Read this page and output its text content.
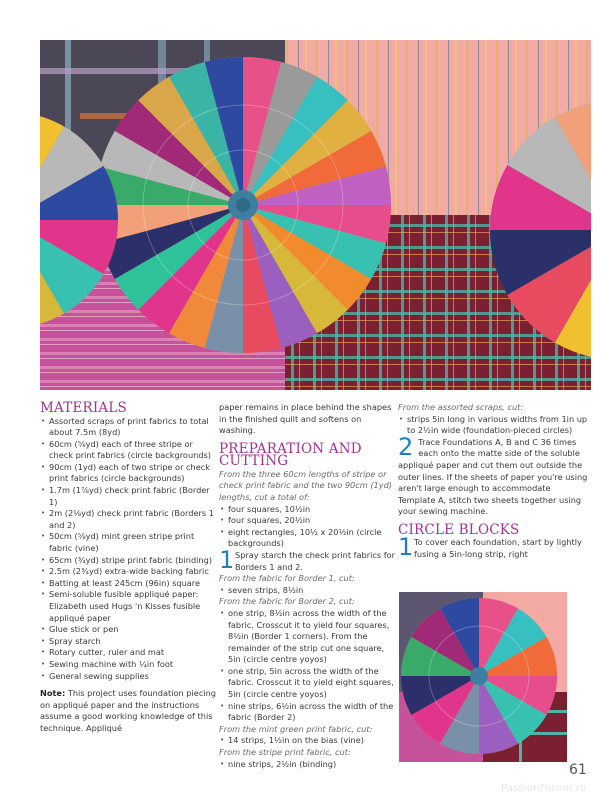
MATERIALS
• Assorted scraps of print fabrics to total about 7.5m (8yd)
• 60cm (⅝yd) each of three stripe or check print fabrics (circle backgrounds)
• 90cm (1yd) each of two stripe or check print fabrics (circle backgrounds)
• 1.7m (1⅞yd) check print fabric (Border 1)
• 2m (2⅛yd) check print fabric (Borders 1 and 2)
• 50cm (⅝yd) mint green stripe print fabric (vine)
• 65cm (¾yd) stripe print fabric (binding)
• 2.5m (2¾yd) extra-wide backing fabric
• Batting at least 245cm (96in) square
• Semi-soluble fusible appliqué paper: Elizabeth used Hugs 'n Kisses fusible appliqué paper
• Glue stick or pen
• Spray starch
• Rotary cutter, ruler and mat
• Sewing machine with ¼in foot
• General sewing supplies

Note: This project uses foundation piecing on appliqué paper and the instructions assume a good working knowledge of this technique. Appliqué

paper remains in place behind the shapes in the finished quilt and softens on washing.

PREPARATION AND
CUTTING
From the three 60cm lengths of stripe or check print fabric and the two 90cm (1yd) lengths, cut a total of:
• four squares, 10½in
• four squares, 20½in
• eight rectangles, 10½ x 20½in (circle backgrounds)
1 Spray starch the check print fabrics for Borders 1 and 2.
From the fabric for Border 1, cut:
• seven strips, 8½in
From the fabric for Border 2, cut:
• one strip, 8½in across the width of the fabric. Crosscut it to yield four squares, 8½in (Border 1 corners). From the remainder of the strip cut one square, 5in (circle centre yoyos)
• one strip, 5in across the width of the fabric. Crosscut it to yield eight squares, 5in (circle centre yoyos)
• nine strips, 6½in across the width of the fabric (Border 2)
From the mint green print fabric, cut:
• 14 strips, 1½in on the bias (vine)
From the stripe print fabric, cut:
• nine strips, 2½in (binding)
From the assorted scraps, cut:
• strips 5in long in various widths from 1in up to 2½in wide (foundation-pieced circles)
2 Trace Foundations A, B and C 36 times each onto the matte side of the soluble appliqué paper and cut them out outside the outer lines. If the sheets of paper you're using aren't large enough to accommodate Template A, stitch two sheets together using your sewing machine.
CIRCLE BLOCKS
1 To cover each foundation, start by lightly fusing a 5in-long strip, right
61
PassionForum.ru
